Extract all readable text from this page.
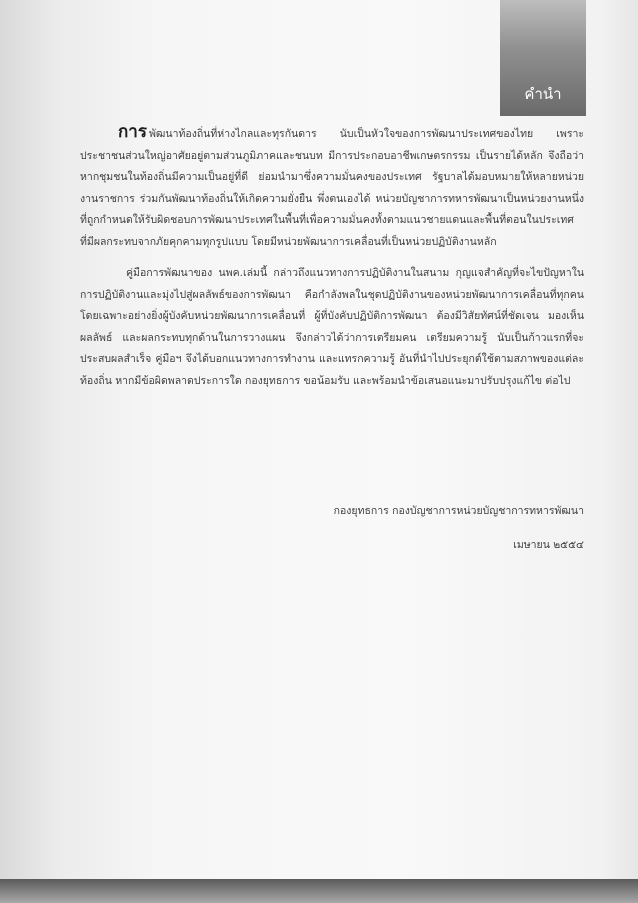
คำนำ

การ พัฒนาท้องถิ่นที่ห่างไกลและทุรกันดาร นับเป็นหัวใจของการพัฒนาประเทศของไทย เพราะประชาชนส่วนใหญ่อาศัยอยู่ตามส่วนภูมิภาคและชนบท มีการประกอบอาชีพเกษตรกรรม เป็นรายได้หลัก จึงถือว่าหากชุมชนในท้องถิ่นมีความเป็นอยู่ที่ดี ย่อมนำมาซึ่งความมั่นคงของประเทศ รัฐบาลได้มอบหมายให้หลายหน่วยงานราชการ ร่วมกันพัฒนาท้องถิ่นให้เกิดความยั่งยืน พึ่งตนเองได้ หน่วยบัญชาการทหารพัฒนาเป็นหน่วยงานหนึ่งที่ถูกกำหนดให้รับผิดชอบการพัฒนาประเทศในพื้นที่เพื่อความมั่นคงทั้งตามแนวชายแดนและพื้นที่ตอนในประเทศ ที่มีผลกระทบจากภัยคุกคามทุกรูปแบบ โดยมีหน่วยพัฒนาการเคลื่อนที่เป็นหน่วยปฏิบัติงานหลัก

คู่มือการพัฒนาของ นพค.เล่มนี้ กล่าวถึงแนวทางการปฏิบัติงานในสนาม กุญแจสำคัญที่จะไขปัญหาในการปฏิบัติงานและมุ่งไปสู่ผลลัพธ์ของการพัฒนา คือกำลังพลในชุดปฏิบัติงานของหน่วยพัฒนาการเคลื่อนที่ทุกคน โดยเฉพาะอย่างยิ่งผู้บังคับหน่วยพัฒนาการเคลื่อนที่ ผู้ที่บังคับปฏิบัติการพัฒนา ต้องมีวิสัยทัศน์ที่ชัดเจน มองเห็นผลลัพธ์ และผลกระทบทุกด้านในการวางแผน จึงกล่าวได้ว่าการเตรียมคน เตรียมความรู้ นับเป็นก้าวแรกที่จะประสบผลสำเร็จ คู่มือฯ จึงได้บอกแนวทางการทำงาน และแทรกความรู้ อันที่นำไปประยุกต์ใช้ตามสภาพของแต่ละท้องถิ่น หากมีข้อผิดพลาดประการใด กองยุทธการ ขอน้อมรับ และพร้อมนำข้อเสนอแนะมาปรับปรุงแก้ไข ต่อไป

กองยุทธการ กองบัญชาการหน่วยบัญชาการทหารพัฒนา
เมษายน ๒๕๕๔
